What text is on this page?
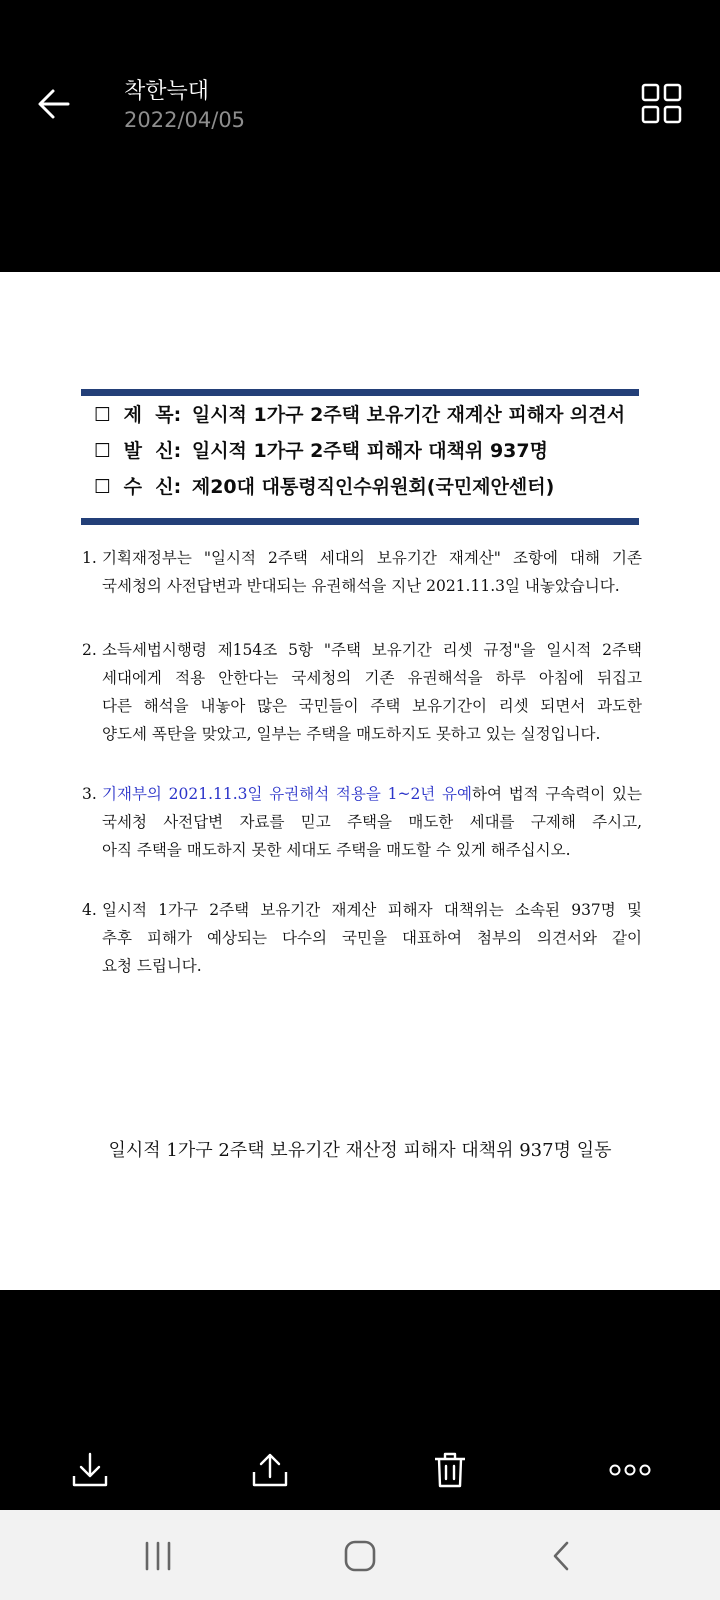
착한늑대
2022/04/05
☐ 제  목: 일시적 1가구 2주택 보유기간 재계산 피해자 의견서
☐ 발  신: 일시적 1가구 2주택 피해자 대책위 937명
☐ 수  신: 제20대 대통령직인수위원회(국민제안센터)
1. 기획재정부는 "일시적 2주택 세대의 보유기간 재계산" 조항에 대해 기존
국세청의 사전답변과 반대되는 유권해석을 지난 2021.11.3일 내놓았습니다.
2. 소득세법시행령 제154조 5항 "주택 보유기간 리셋 규정"을 일시적 2주택
세대에게 적용 안한다는 국세청의 기존 유권해석을 하루 아침에 뒤집고
다른 해석을 내놓아 많은 국민들이 주택 보유기간이 리셋 되면서 과도한
양도세 폭탄을 맞았고, 일부는 주택을 매도하지도 못하고 있는 실정입니다.
3. 기재부의 2021.11.3일 유권해석 적용을 1~2년 유예하여 법적 구속력이 있는
국세청 사전답변 자료를 믿고 주택을 매도한 세대를 구제해 주시고,
아직 주택을 매도하지 못한 세대도 주택을 매도할 수 있게 해주십시오.
4. 일시적 1가구 2주택 보유기간 재계산 피해자 대책위는 소속된 937명 및
추후 피해가 예상되는 다수의 국민을 대표하여 첨부의 의견서와 같이
요청 드립니다.
일시적 1가구 2주택 보유기간 재산정 피해자 대책위 937명 일동
